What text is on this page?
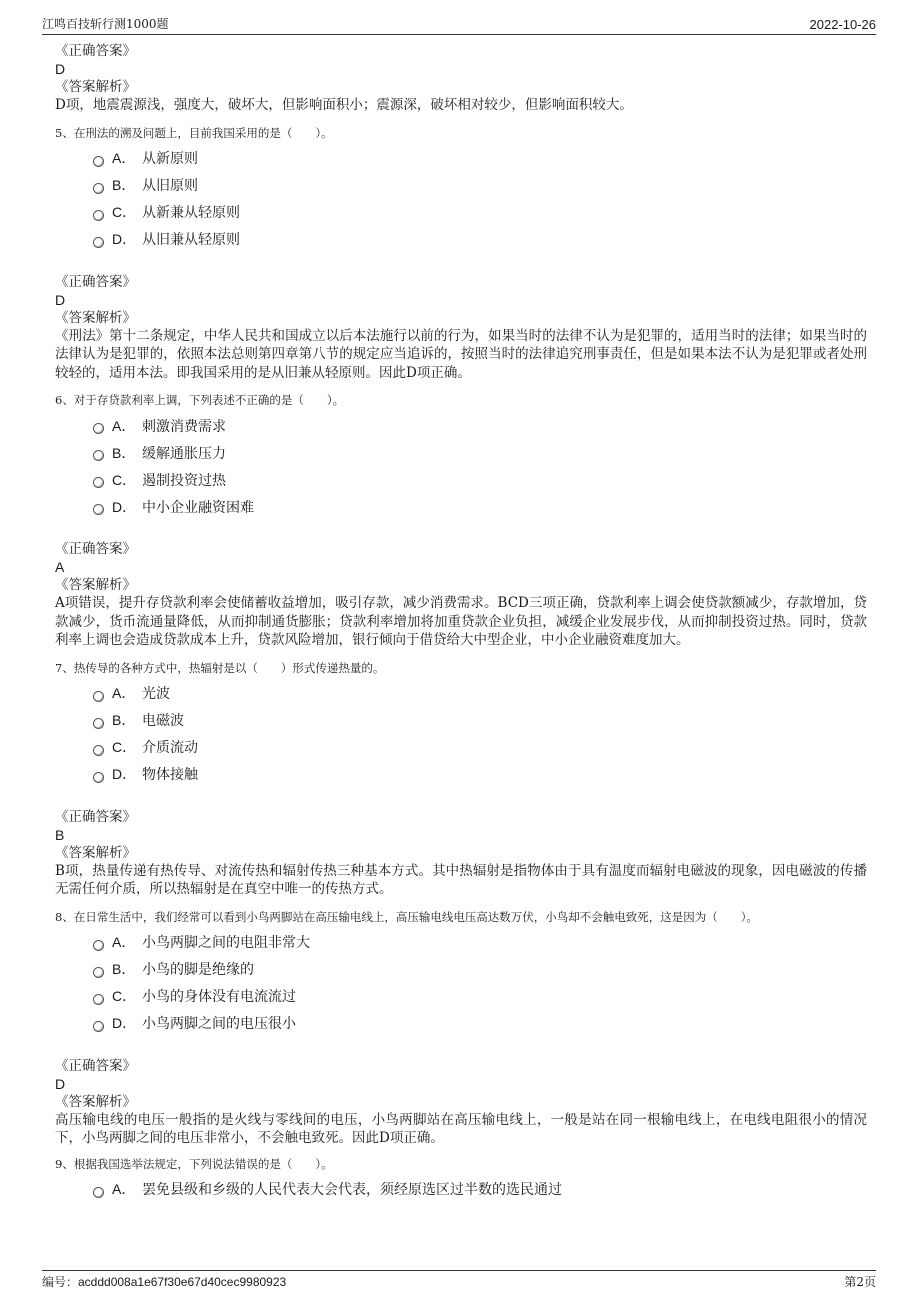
江鸣百技斩行测1000题	2022-10-26
《正确答案》
D
《答案解析》

D项，地震震源浅，强度大，破坏大，但影响面积小；震源深，破坏相对较少，但影响面积较大。

5、在刑法的溯及问题上，目前我国采用的是（　　）。
A． 从新原则
B． 从旧原则
C． 从新兼从轻原则
D． 从旧兼从轻原则
《正确答案》
D
《答案解析》

《刑法》第十二条规定，中华人民共和国成立以后本法施行以前的行为，如果当时的法律不认为是犯罪的，适用当时的法律；如果当时的法律认为是犯罪的，依照本法总则第四章第八节的规定应当追诉的，按照当时的法律追究刑事责任，但是如果本法不认为是犯罪或者处刑较轻的，适用本法。即我国采用的是从旧兼从轻原则。因此D项正确。

6、对于存贷款利率上调，下列表述不正确的是（　　）。
A． 刺激消费需求
B． 缓解通胀压力
C． 遏制投资过热
D． 中小企业融资困难
《正确答案》
A
《答案解析》

A项错误，提升存贷款利率会使储蓄收益增加，吸引存款，减少消费需求。BCD三项正确，贷款利率上调会使贷款额减少，存款增加，贷款减少，货币流通量降低，从而抑制通货膨胀；贷款利率增加将加重贷款企业负担，减缓企业发展步伐，从而抑制投资过热。同时，贷款利率上调也会造成贷款成本上升，贷款风险增加，银行倾向于借贷给大中型企业，中小企业融资难度加大。

7、热传导的各种方式中，热辐射是以（　　）形式传递热量的。
A． 光波
B． 电磁波
C． 介质流动
D． 物体接触
《正确答案》
B
《答案解析》

B项，热量传递有热传导、对流传热和辐射传热三种基本方式。其中热辐射是指物体由于具有温度而辐射电磁波的现象，因电磁波的传播无需任何介质，所以热辐射是在真空中唯一的传热方式。

8、在日常生活中，我们经常可以看到小鸟两脚站在高压输电线上，高压输电线电压高达数万伏，小鸟却不会触电致死，这是因为（　　）。
A． 小鸟两脚之间的电阻非常大
B． 小鸟的脚是绝缘的
C． 小鸟的身体没有电流流过
D． 小鸟两脚之间的电压很小
《正确答案》
D
《答案解析》

高压输电线的电压一般指的是火线与零线间的电压，小鸟两脚站在高压输电线上，一般是站在同一根输电线上，在电线电阻很小的情况下，小鸟两脚之间的电压非常小，不会触电致死。因此D项正确。

9、根据我国选举法规定，下列说法错误的是（　　）。
A． 罢免县级和乡级的人民代表大会代表，须经原选区过半数的选民通过
编号：acddd008a1e67f30e67d40cec9980923	第2页
